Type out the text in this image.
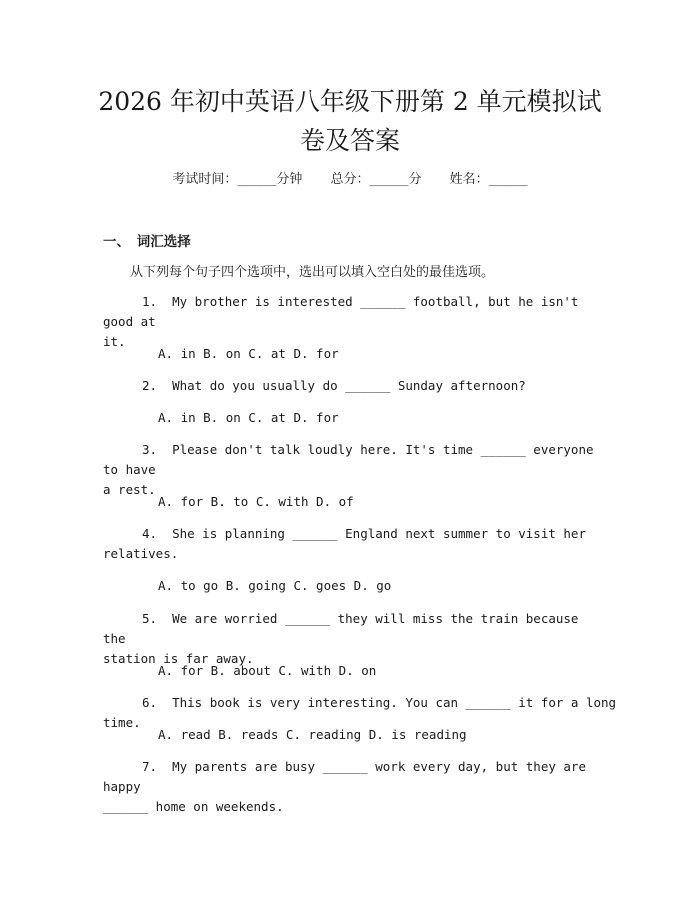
2026 年初中英语八年级下册第 2 单元模拟试
卷及答案
考试时间：______分钟 总分：______分 姓名：______
一、　词汇选择
从下列每个句子四个选项中，选出可以填入空白处的最佳选项。
1. My brother is interested ______ football, but he isn't good at
it.
A. in B. on C. at D. for
2. What do you usually do ______ Sunday afternoon?
A. in B. on C. at D. for
3. Please don't talk loudly here. It's time ______ everyone to have
a rest.
A. for B. to C. with D. of
4. She is planning ______ England next summer to visit her
relatives.
A. to go B. going C. goes D. go
5. We are worried ______ they will miss the train because the
station is far away.
A. for B. about C. with D. on
6. This book is very interesting. You can ______ it for a long time.
A. read B. reads C. reading D. is reading
7. My parents are busy ______ work every day, but they are happy
______ home on weekends.
